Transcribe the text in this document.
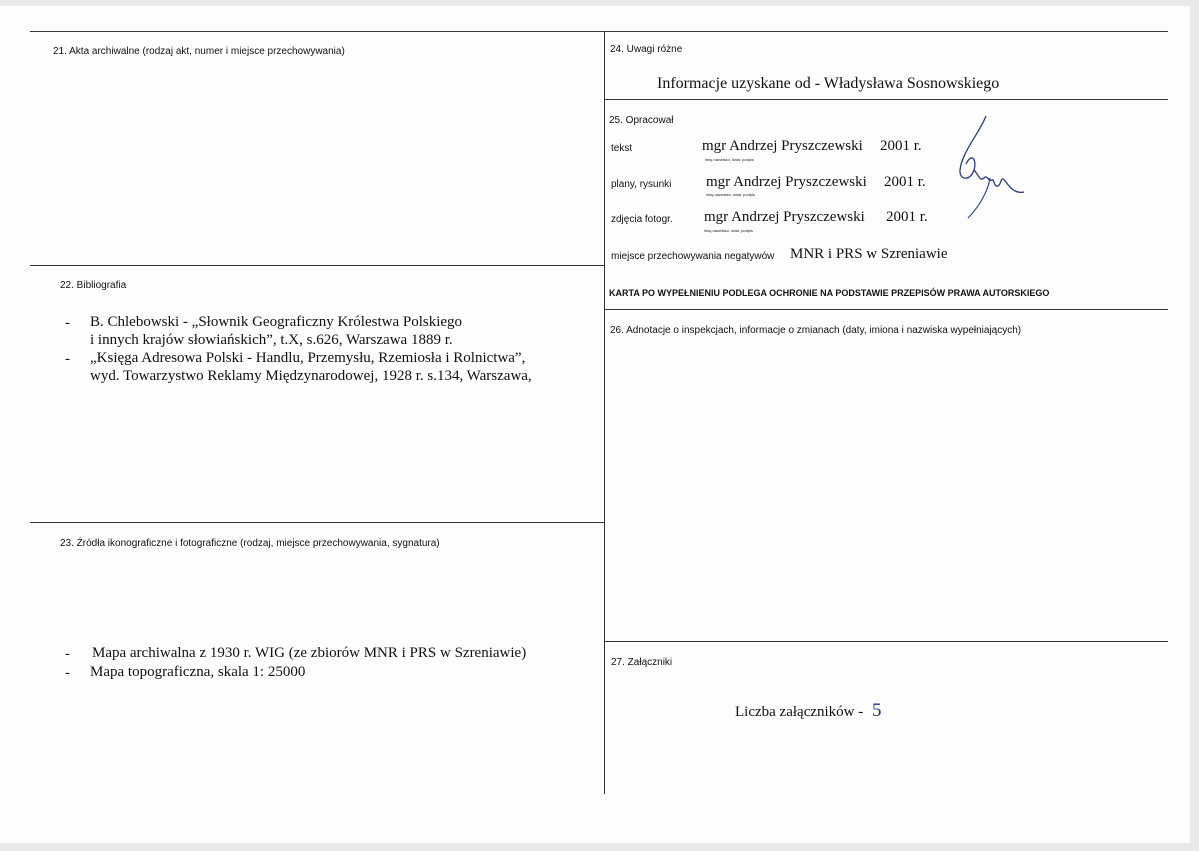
21. Akta archiwalne (rodzaj akt, numer i miejsce przechowywania)
22. Bibliografia
- B. Chlebowski - „Słownik Geograficzny Królestwa Polskiego
i innych krajów słowiańskich”, t.X, s.626, Warszawa 1889 r.
- „Księga Adresowa Polski - Handlu, Przemysłu, Rzemiosła i Rolnictwa”,
wyd. Towarzystwo Reklamy Międzynarodowej, 1928 r. s.134, Warszawa,
23. Źródła ikonograficzne i fotograficzne (rodzaj, miejsce przechowywania, sygnatura)
- Mapa archiwalna z 1930 r. WIG (ze zbiorów MNR i PRS w Szreniawie)
- Mapa topograficzna, skala 1: 25000
24. Uwagi różne
Informacje uzyskane od - Władysława Sosnowskiego
25. Opracował
tekst	mgr Andrzej Pryszczewski 2001 r.
imię,nazwisko, data, podpis
plany, rysunki mgr Andrzej Pryszczewski 2001 r.
imię,nazwisko, data, podpis
zdjęcia fotogr. mgr Andrzej Pryszczewski 2001 r.
imię,nazwisko, data, podpis
miejsce przechowywania negatywów MNR i PRS w Szreniawie
KARTA PO WYPEŁNIENIU PODLEGA OCHRONIE NA PODSTAWIE PRZEPISÓW PRAWA AUTORSKIEGO
26. Adnotacje o inspekcjach, informacje o zmianach (daty, imiona i nazwiska wypełniających)
27. Załączniki
Liczba załączników - 5
